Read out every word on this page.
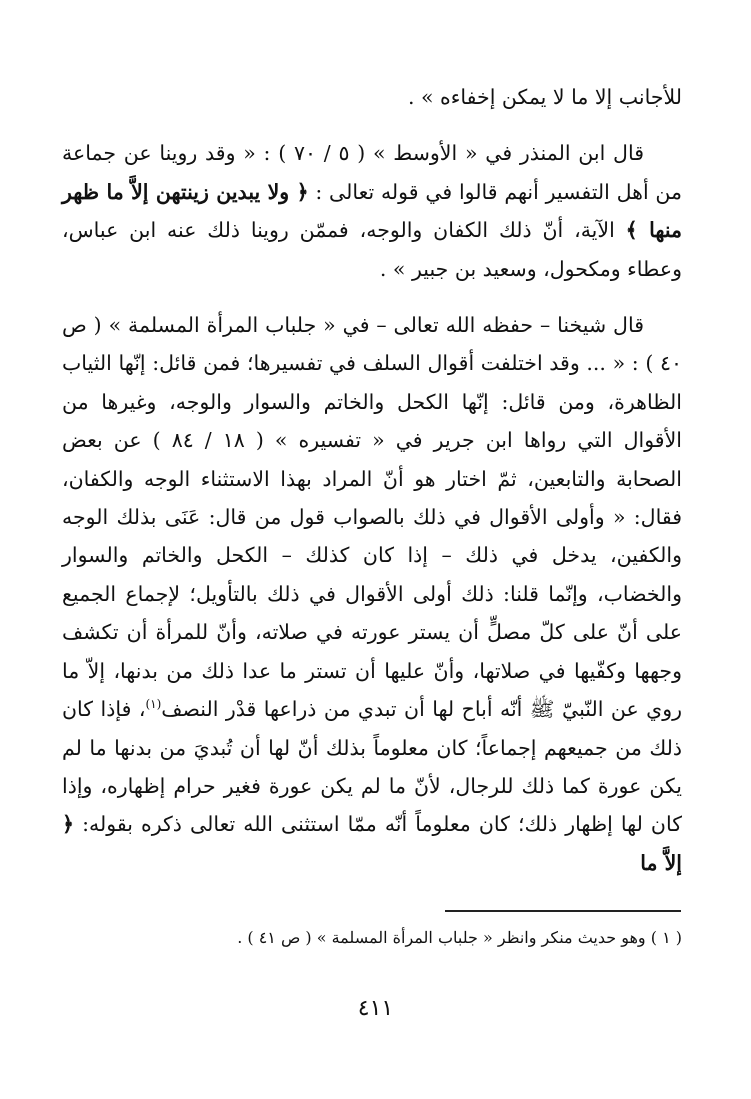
للأجانب إلا ما لا يمكن إخفاءه » .

قال ابن المنذر في « الأوسط » ( ٥ / ٧٠ ) : « وقد روينا عن جماعة من أهل التفسير أنهم قالوا في قوله تعالى : ﴿ ولا يبدين زينتهن إلاَّ ما ظهر منها ﴾ الآية، أنّ ذلك الكفان والوجه، فممّن روينا ذلك عنه ابن عباس، وعطاء ومكحول، وسعيد بن جبير » .

قال شيخنا – حفظه الله تعالى – في « جلباب المرأة المسلمة » ( ص ٤٠ ) : « ... وقد اختلفت أقوال السلف في تفسيرها؛ فمن قائل: إنّها الثياب الظاهرة، ومن قائل: إنّها الكحل والخاتم والسوار والوجه، وغيرها من الأقوال التي رواها ابن جرير في « تفسيره » ( ١٨ / ٨٤ ) عن بعض الصحابة والتابعين، ثمّ اختار هو أنّ المراد بهذا الاستثناء الوجه والكفان، فقال: « وأولى الأقوال في ذلك بالصواب قول من قال: عَنَى بذلك الوجه والكفين، يدخل في ذلك – إذا كان كذلك – الكحل والخاتم والسوار والخضاب، وإنّما قلنا: ذلك أولى الأقوال في ذلك بالتأويل؛ لإجماع الجميع على أنّ على كلّ مصلٍّ أن يستر عورته في صلاته، وأنّ للمرأة أن تكشف وجهها وكفّيها في صلاتها، وأنّ عليها أن تستر ما عدا ذلك من بدنها، إلاّ ما روي عن النّبيّ ﷺ أنّه أباح لها أن تبدي من ذراعها قدْر النصف$^{(١)}$، فإذا كان ذلك من جميعهم إجماعاً؛ كان معلوماً بذلك أنّ لها أن تُبديَ من بدنها ما لم يكن عورة كما ذلك للرجال، لأنّ ما لم يكن عورة فغير حرام إظهاره، وإذا كان لها إظهار ذلك؛ كان معلوماً أنّه ممّا استثنى الله تعالى ذكره بقوله: ﴿ إلاَّ ما

( ١ ) وهو حديث منكر وانظر « جلباب المرأة المسلمة » ( ص ٤١ ) .
٤١١
